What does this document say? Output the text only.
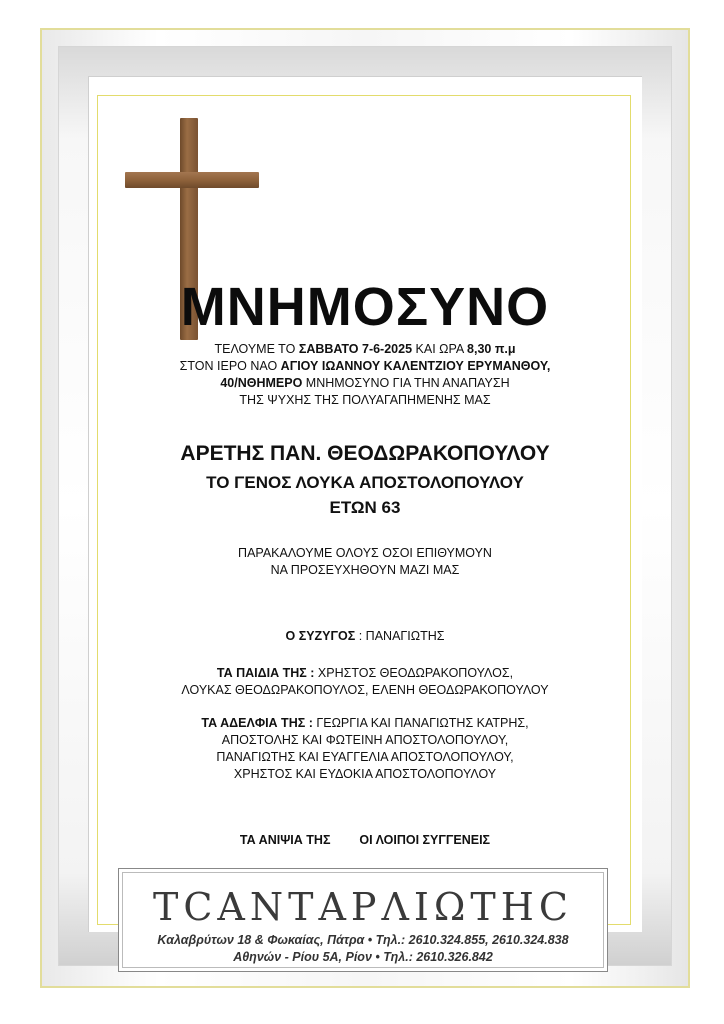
ΜΝΗΜΟΣΥΝΟ
ΤΕΛΟΥΜΕ ΤΟ ΣΑΒΒΑΤΟ 7-6-2025 ΚΑΙ ΩΡΑ 8,30 π.μ
ΣΤΟΝ ΙΕΡΟ ΝΑΟ ΑΓΙΟΥ ΙΩΑΝΝΟΥ ΚΑΛΕΝΤΖΙΟΥ ΕΡΥΜΑΝΘΟΥ,
40/ΝΘΗΜΕΡΟ ΜΝΗΜΟΣΥΝΟ ΓΙΑ ΤΗΝ ΑΝΑΠΑΥΣΗ
ΤΗΣ ΨΥΧΗΣ ΤΗΣ ΠΟΛΥΑΓΑΠΗΜΕΝΗΣ ΜΑΣ
ΑΡΕΤΗΣ ΠΑΝ. ΘΕΟΔΩΡΑΚΟΠΟΥΛΟΥ
ΤΟ ΓΕΝΟΣ ΛΟΥΚΑ ΑΠΟΣΤΟΛΟΠΟΥΛΟΥ
ΕΤΩΝ 63
ΠΑΡΑΚΑΛΟΥΜΕ ΟΛΟΥΣ ΟΣΟΙ ΕΠΙΘΥΜΟΥΝ
ΝΑ ΠΡΟΣΕΥΧΗΘΟΥΝ ΜΑΖΙ ΜΑΣ
Ο ΣΥΖΥΓΟΣ : ΠΑΝΑΓΙΩΤΗΣ
ΤΑ ΠΑΙΔΙΑ ΤΗΣ : ΧΡΗΣΤΟΣ ΘΕΟΔΩΡΑΚΟΠΟΥΛΟΣ,
ΛΟΥΚΑΣ ΘΕΟΔΩΡΑΚΟΠΟΥΛΟΣ, ΕΛΕΝΗ ΘΕΟΔΩΡΑΚΟΠΟΥΛΟΥ
ΤΑ ΑΔΕΛΦΙΑ ΤΗΣ : ΓΕΩΡΓΙΑ ΚΑΙ ΠΑΝΑΓΙΩΤΗΣ ΚΑΤΡΗΣ,
ΑΠΟΣΤΟΛΗΣ ΚΑΙ ΦΩΤΕΙΝΗ ΑΠΟΣΤΟΛΟΠΟΥΛΟΥ,
ΠΑΝΑΓΙΩΤΗΣ ΚΑΙ ΕΥΑΓΓΕΛΙΑ ΑΠΟΣΤΟΛΟΠΟΥΛΟΥ,
ΧΡΗΣΤΟΣ ΚΑΙ ΕΥΔΟΚΙΑ ΑΠΟΣΤΟΛΟΠΟΥΛΟΥ
ΤΑ ΑΝΙΨΙΑ ΤΗΣ ΟΙ ΛΟΙΠΟΙ ΣΥΓΓΕΝΕΙΣ
ΤCΑΝΤΑΡΛΙΩΤΗC
Καλαβρύτων 18 & Φωκαίας, Πάτρα • Τηλ.: 2610.324.855, 2610.324.838
Αθηνών - Ρίου 5Α, Ρίον • Τηλ.: 2610.326.842
